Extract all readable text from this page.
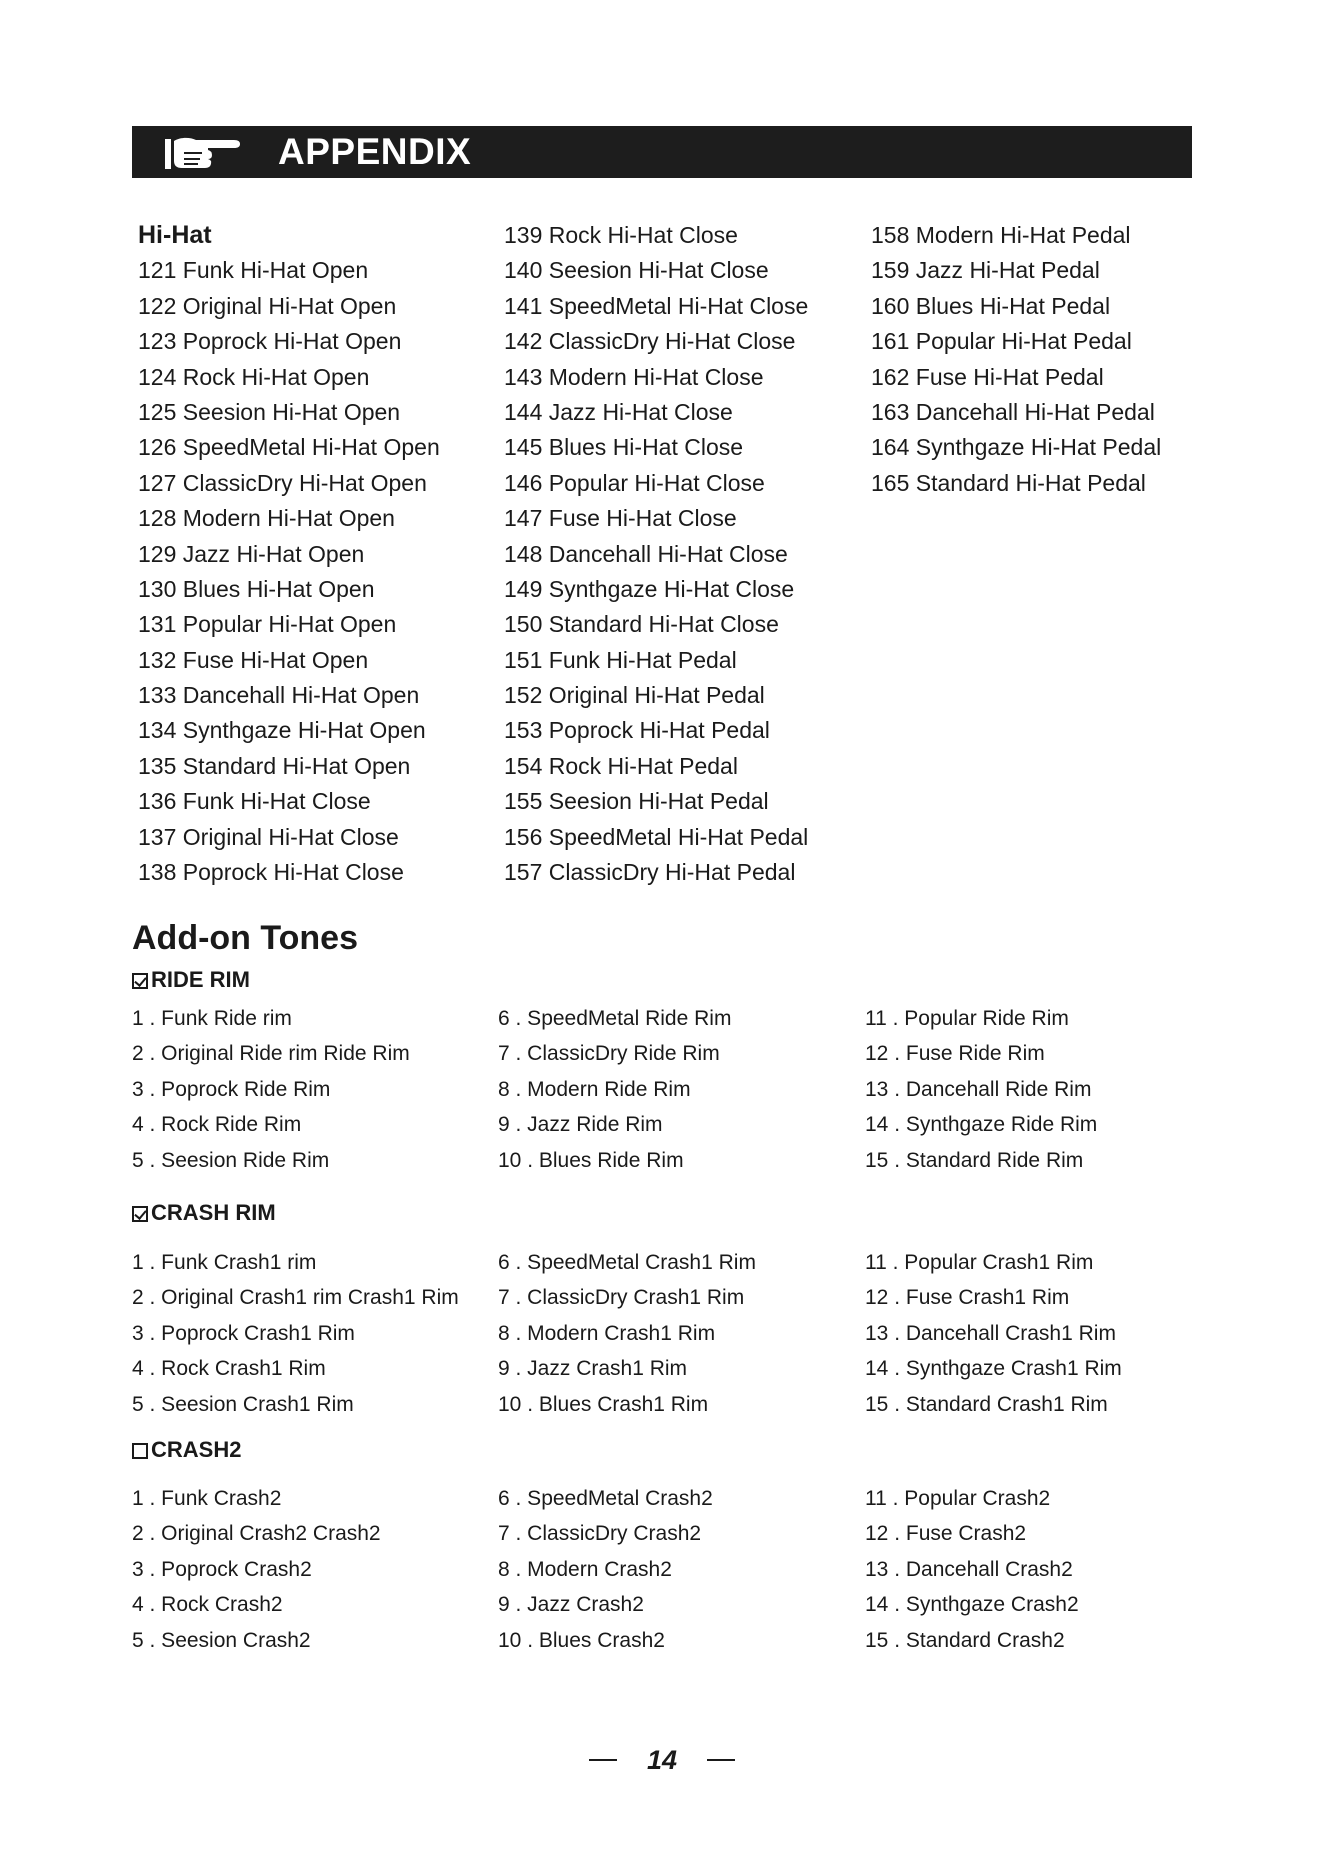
APPENDIX
Hi-Hat
121 Funk Hi-Hat Open
122 Original Hi-Hat Open
123 Poprock Hi-Hat Open
124 Rock Hi-Hat Open
125 Seesion Hi-Hat Open
126 SpeedMetal Hi-Hat Open
127 ClassicDry Hi-Hat Open
128 Modern Hi-Hat Open
129 Jazz Hi-Hat Open
130 Blues Hi-Hat Open
131 Popular Hi-Hat Open
132 Fuse Hi-Hat Open
133 Dancehall Hi-Hat Open
134 Synthgaze Hi-Hat Open
135 Standard Hi-Hat Open
136 Funk Hi-Hat Close
137 Original Hi-Hat Close
138 Poprock Hi-Hat Close
139 Rock Hi-Hat Close
140 Seesion Hi-Hat Close
141 SpeedMetal Hi-Hat Close
142 ClassicDry Hi-Hat Close
143 Modern Hi-Hat Close
144 Jazz Hi-Hat Close
145 Blues Hi-Hat Close
146 Popular Hi-Hat Close
147 Fuse Hi-Hat Close
148 Dancehall Hi-Hat Close
149 Synthgaze Hi-Hat Close
150 Standard Hi-Hat Close
151 Funk Hi-Hat Pedal
152 Original Hi-Hat Pedal
153 Poprock Hi-Hat Pedal
154 Rock Hi-Hat Pedal
155 Seesion Hi-Hat Pedal
156 SpeedMetal Hi-Hat Pedal
157 ClassicDry Hi-Hat Pedal
158 Modern Hi-Hat Pedal
159 Jazz Hi-Hat Pedal
160 Blues Hi-Hat Pedal
161 Popular Hi-Hat Pedal
162 Fuse Hi-Hat Pedal
163 Dancehall Hi-Hat Pedal
164 Synthgaze Hi-Hat Pedal
165 Standard Hi-Hat Pedal
Add-on Tones
RIDE RIM
CRASH RIM
CRASH2
1 . Funk Ride rim
2 . Original Ride rim Ride Rim
3 . Poprock Ride Rim
4 . Rock Ride Rim
5 . Seesion Ride Rim
6 . SpeedMetal Ride Rim
7 . ClassicDry Ride Rim
8 . Modern Ride Rim
9 . Jazz Ride Rim
10 . Blues Ride Rim
11 . Popular Ride Rim
12 . Fuse Ride Rim
13 . Dancehall Ride Rim
14 . Synthgaze Ride Rim
15 . Standard Ride Rim
1 . Funk Crash1 rim
2 . Original Crash1 rim Crash1 Rim
3 . Poprock Crash1 Rim
4 . Rock Crash1 Rim
5 . Seesion Crash1 Rim
6 . SpeedMetal Crash1 Rim
7 . ClassicDry Crash1 Rim
8 . Modern Crash1 Rim
9 . Jazz Crash1 Rim
10 . Blues Crash1 Rim
11 . Popular Crash1 Rim
12 . Fuse Crash1 Rim
13 . Dancehall Crash1 Rim
14 . Synthgaze Crash1 Rim
15 . Standard Crash1 Rim
1 . Funk Crash2
2 . Original Crash2 Crash2
3 . Poprock Crash2
4 . Rock Crash2
5 . Seesion Crash2
6 . SpeedMetal Crash2
7 . ClassicDry Crash2
8 . Modern Crash2
9 . Jazz Crash2
10 . Blues Crash2
11 . Popular Crash2
12 . Fuse Crash2
13 . Dancehall Crash2
14 . Synthgaze Crash2
15 . Standard Crash2
14
